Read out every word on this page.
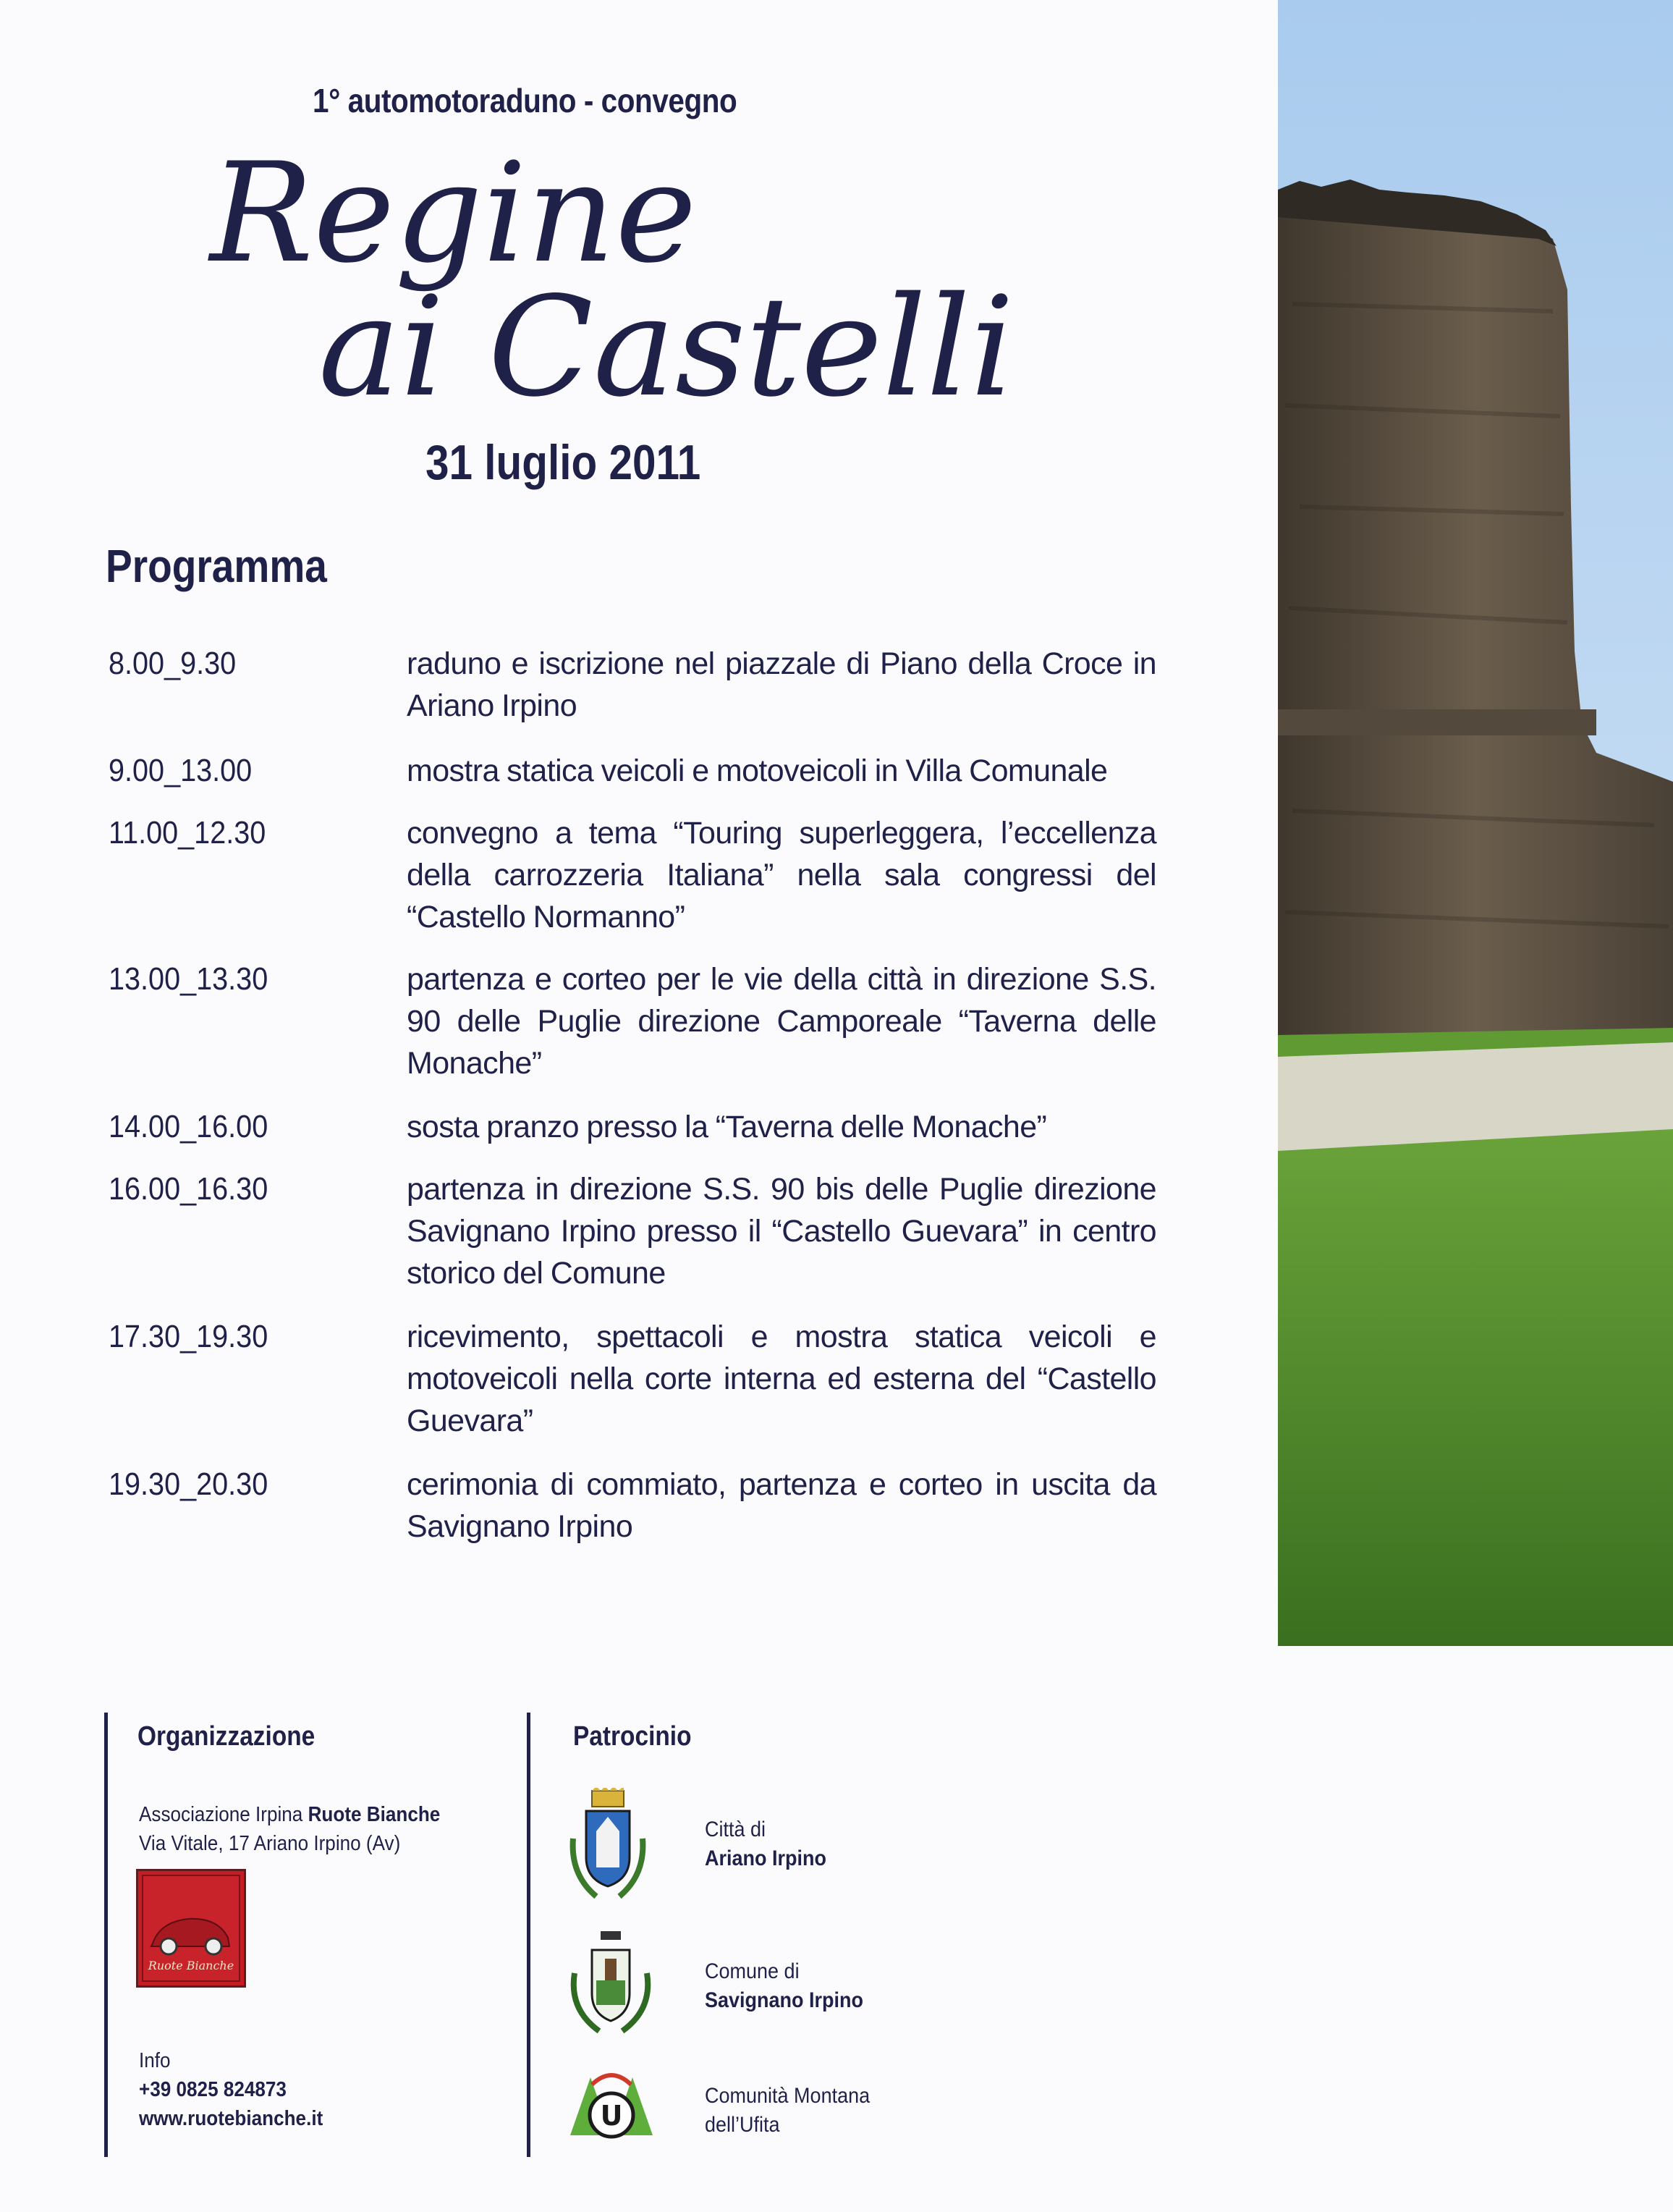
1° automotoraduno - convegno
Regine
ai Castelli
31 luglio 2011
Programma
8.00_9.30	raduno e iscrizione nel piazzale di Piano della Croce in Ariano Irpino
9.00_13.00	mostra statica veicoli e motoveicoli in Villa Comunale
11.00_12.30	convegno a tema “Touring superleggera, l’eccellenza della carrozzeria Italiana” nella sala congressi del “Castello Normanno”
13.00_13.30	partenza e corteo per le vie della città in direzione S.S. 90 delle Puglie direzione Camporeale “Taverna delle Monache”
14.00_16.00	sosta pranzo presso la “Taverna delle Monache”
16.00_16.30	partenza in direzione S.S. 90 bis delle Puglie direzione Savignano Irpino presso il “Castello Guevara” in centro storico del Comune
17.30_19.30	ricevimento, spettacoli e mostra statica veicoli e motoveicoli nella corte interna ed esterna del “Castello Guevara”
19.30_20.30	cerimonia di commiato, partenza e corteo in uscita da Savignano Irpino
Organizzazione
Associazione Irpina Ruote Bianche
Via Vitale, 17 Ariano Irpino (Av)
Ruote Bianche
Info
+39 0825 824873
www.ruotebianche.it
Patrocinio
Città di
Ariano Irpino
Comune di
Savignano Irpino
U
Comunità Montana
dell’Ufita
